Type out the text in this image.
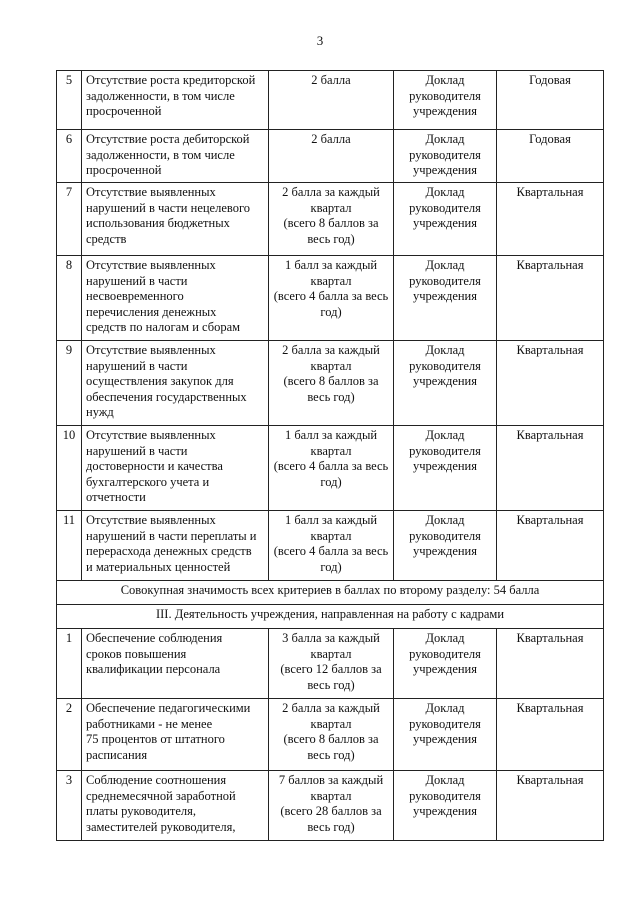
3
5	Отсутствие роста кредиторской
задолженности, в том числе
просроченной	2 балла	Доклад
руководителя
учреждения	Годовая
6	Отсутствие роста дебиторской
задолженности, в том числе
просроченной	2 балла	Доклад
руководителя
учреждения	Годовая
7	Отсутствие выявленных
нарушений в части нецелевого
использования бюджетных
средств	2 балла за каждый
квартал
(всего 8 баллов за
весь год)	Доклад
руководителя
учреждения	Квартальная
8	Отсутствие выявленных
нарушений в части
несвоевременного
перечисления денежных
средств по налогам и сборам	1 балл за каждый
квартал
(всего 4 балла за весь
год)	Доклад
руководителя
учреждения	Квартальная
9	Отсутствие выявленных
нарушений в части
осуществления закупок для
обеспечения государственных
нужд	2 балла за каждый
квартал
(всего 8 баллов за
весь год)	Доклад
руководителя
учреждения	Квартальная
10	Отсутствие выявленных
нарушений в части
достоверности и качества
бухгалтерского учета и
отчетности	1 балл за каждый
квартал
(всего 4 балла за весь
год)	Доклад
руководителя
учреждения	Квартальная
11	Отсутствие выявленных
нарушений в части переплаты и
перерасхода денежных средств
и материальных ценностей	1 балл за каждый
квартал
(всего 4 балла за весь
год)	Доклад
руководителя
учреждения	Квартальная
Совокупная значимость всех критериев в баллах по второму разделу: 54 балла				
III. Деятельность учреждения, направленная на работу с кадрами				
1	Обеспечение соблюдения
сроков повышения
квалификации персонала	3 балла за каждый
квартал
(всего 12 баллов за
весь год)	Доклад
руководителя
учреждения	Квартальная
2	Обеспечение педагогическими
работниками - не менее
75 процентов от штатного
расписания	2 балла за каждый
квартал
(всего 8 баллов за
весь год)	Доклад
руководителя
учреждения	Квартальная
3	Соблюдение соотношения
среднемесячной заработной
платы руководителя,
заместителей руководителя,	7 баллов за каждый
квартал
(всего 28 баллов за
весь год)	Доклад
руководителя
учреждения	Квартальная
